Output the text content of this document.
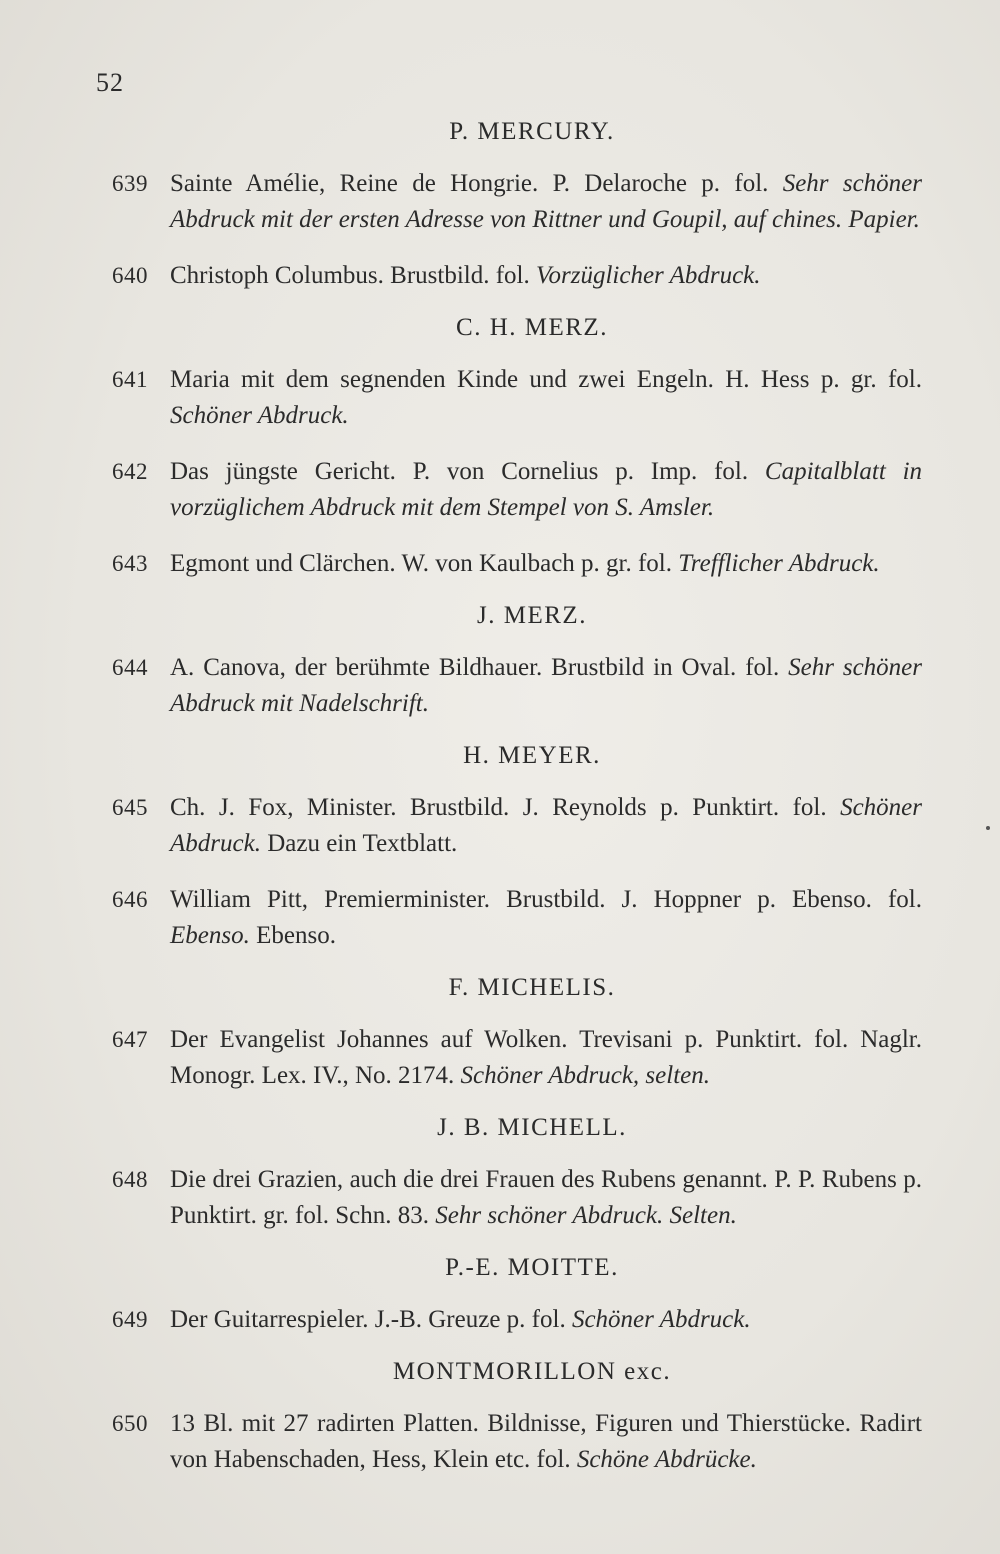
52
P. MERCURY.
639 Sainte Amélie, Reine de Hongrie. P. Delaroche p. fol. Sehr schöner Abdruck mit der ersten Adresse von Rittner und Goupil, auf chines. Papier.
640 Christoph Columbus. Brustbild. fol. Vorzüglicher Abdruck.
C. H. MERZ.
641 Maria mit dem segnenden Kinde und zwei Engeln. H. Hess p. gr. fol. Schöner Abdruck.
642 Das jüngste Gericht. P. von Cornelius p. Imp. fol. Capitalblatt in vorzüglichem Abdruck mit dem Stempel von S. Amsler.
643 Egmont und Clärchen. W. von Kaulbach p. gr. fol. Trefflicher Abdruck.
J. MERZ.
644 A. Canova, der berühmte Bildhauer. Brustbild in Oval. fol. Sehr schöner Abdruck mit Nadelschrift.
H. MEYER.
645 Ch. J. Fox, Minister. Brustbild. J. Reynolds p. Punktirt. fol. Schöner Abdruck. Dazu ein Textblatt.
646 William Pitt, Premierminister. Brustbild. J. Hoppner p. Ebenso. fol. Ebenso. Ebenso.
F. MICHELIS.
647 Der Evangelist Johannes auf Wolken. Trevisani p. Punktirt. fol. Naglr. Monogr. Lex. IV., No. 2174. Schöner Abdruck, selten.
J. B. MICHELL.
648 Die drei Grazien, auch die drei Frauen des Rubens genannt. P. P. Rubens p. Punktirt. gr. fol. Schn. 83. Sehr schöner Abdruck. Selten.
P.-E. MOITTE.
649 Der Guitarrespieler. J.-B. Greuze p. fol. Schöner Abdruck.
MONTMORILLON exc.
650 13 Bl. mit 27 radirten Platten. Bildnisse, Figuren und Thierstücke. Radirt von Habenschaden, Hess, Klein etc. fol. Schöne Abdrücke.
